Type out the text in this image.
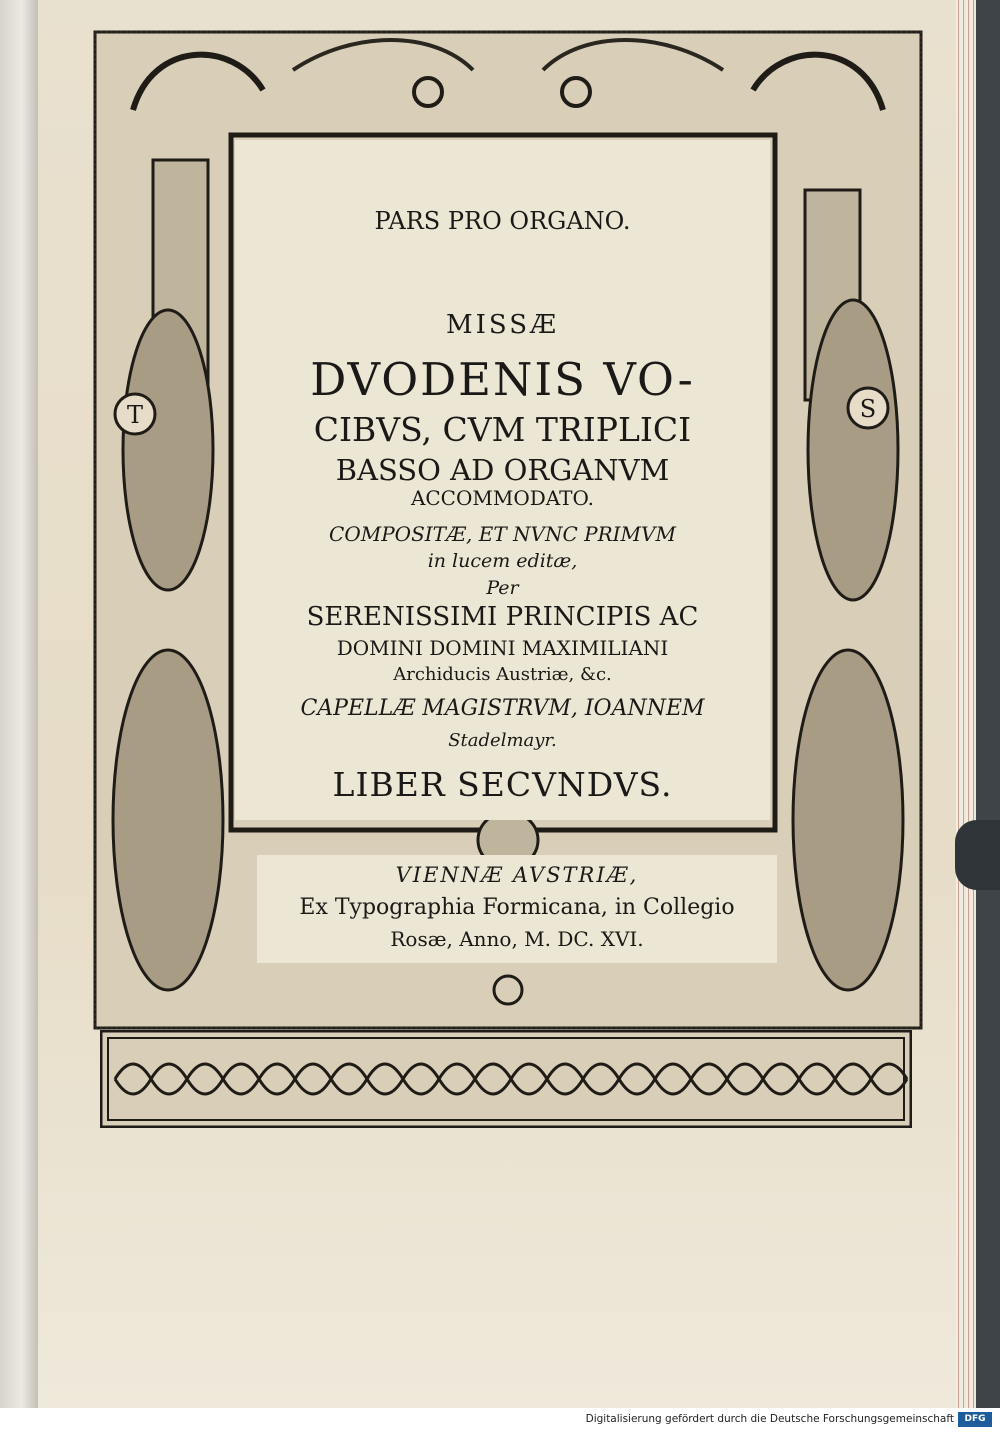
T	S

PARS PRO ORGANO.

MISSÆ

DVODENIS VO-

CIBVS, CVM TRIPLICI

BASSO AD ORGANVM

ACCOMMODATO.

COMPOSITÆ, ET NVNC PRIMVM

in lucem editæ,

Per

SERENISSIMI PRINCIPIS AC

DOMINI DOMINI MAXIMILIANI

Archiducis Austriæ, &c.

CAPELLÆ MAGISTRVM, IOANNEM

Stadelmayr.

LIBER SECVNDVS.

VIENNÆ AVSTRIÆ,

Ex Typographia Formicana, in Collegio

Rosæ, Anno, M. DC. XVI.

Digitalisierung gefördert durch die Deutsche Forschungsgemeinschaft	DFG
